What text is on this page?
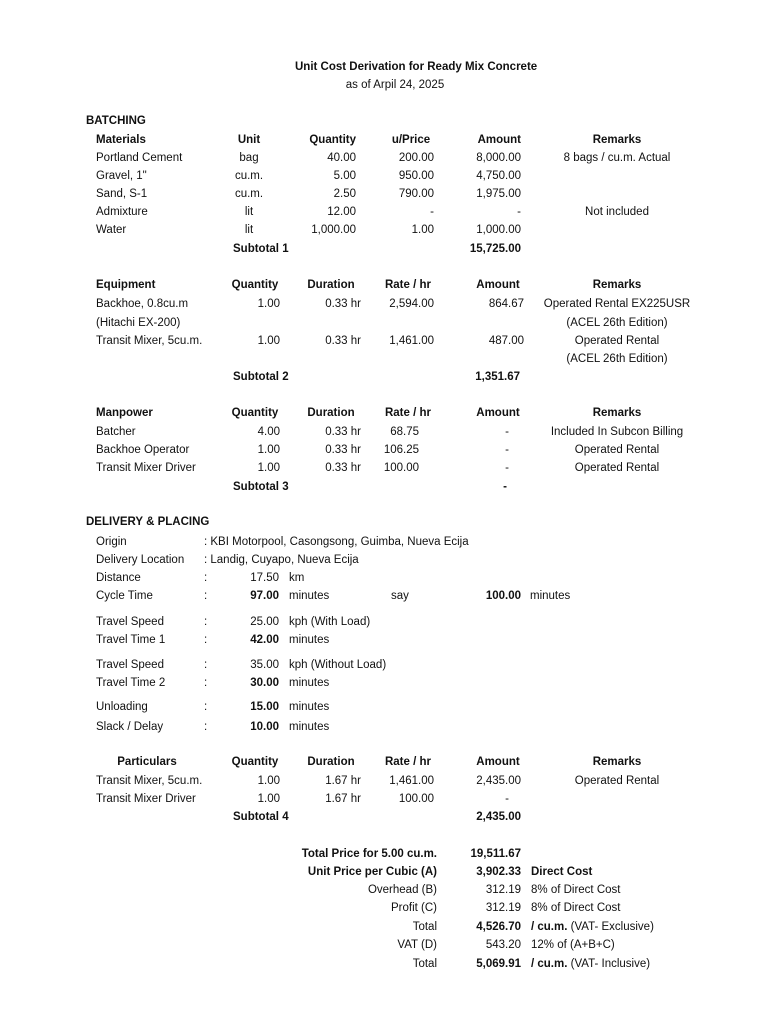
Unit Cost Derivation for Ready Mix Concrete
as of Arpil 24, 2025
BATCHING
Materials	Unit	Quantity	u/Price	Amount	Remarks
Portland Cement	bag	40.00	200.00	8,000.00	8 bags / cu.m. Actual
Gravel, 1"	cu.m.	5.00	950.00	4,750.00
Sand, S-1	cu.m.	2.50	790.00	1,975.00
Admixture	lit	12.00	-	-	Not included
Water	lit	1,000.00	1.00	1,000.00
Subtotal 1	15,725.00
Equipment	Quantity	Duration	Rate / hr	Amount	Remarks
Backhoe, 0.8cu.m	1.00	0.33 hr	2,594.00	864.67	Operated Rental EX225USR
(Hitachi EX-200)	(ACEL 26th Edition)
Transit Mixer, 5cu.m.	1.00	0.33 hr	1,461.00	487.00	Operated Rental
(ACEL 26th Edition)
Subtotal 2	1,351.67
Manpower	Quantity	Duration	Rate / hr	Amount	Remarks
Batcher	4.00	0.33 hr	68.75	-	Included In Subcon Billing
Backhoe Operator	1.00	0.33 hr	106.25	-	Operated Rental
Transit Mixer Driver	1.00	0.33 hr	100.00	-	Operated Rental
Subtotal 3	-
DELIVERY & PLACING
Origin	: KBI Motorpool, Casongsong, Guimba, Nueva Ecija
Delivery Location : Landig, Cuyapo, Nueva Ecija
Distance	:	17.50 km
Cycle Time	:	97.00 minutes	say	100.00 minutes
Travel Speed	:	25.00 kph (With Load)
Travel Time 1	:	42.00 minutes
Travel Speed	:	35.00 kph (Without Load)
Travel Time 2	:	30.00 minutes
Unloading	:	15.00 minutes
Slack / Delay	:	10.00 minutes
Particulars	Quantity	Duration	Rate / hr	Amount	Remarks
Transit Mixer, 5cu.m.	1.00	1.67 hr	1,461.00	2,435.00	Operated Rental
Transit Mixer Driver	1.00	1.67 hr	100.00	-
Subtotal 4	2,435.00
Total Price for 5.00 cu.m.	19,511.67
Unit Price per Cubic (A)	3,902.33 Direct Cost
Overhead (B)	312.19 8% of Direct Cost
Profit (C)	312.19 8% of Direct Cost
Total	4,526.70 / cu.m. (VAT- Exclusive)
VAT (D)	543.20 12% of (A+B+C)
Total	5,069.91 / cu.m. (VAT- Inclusive)
